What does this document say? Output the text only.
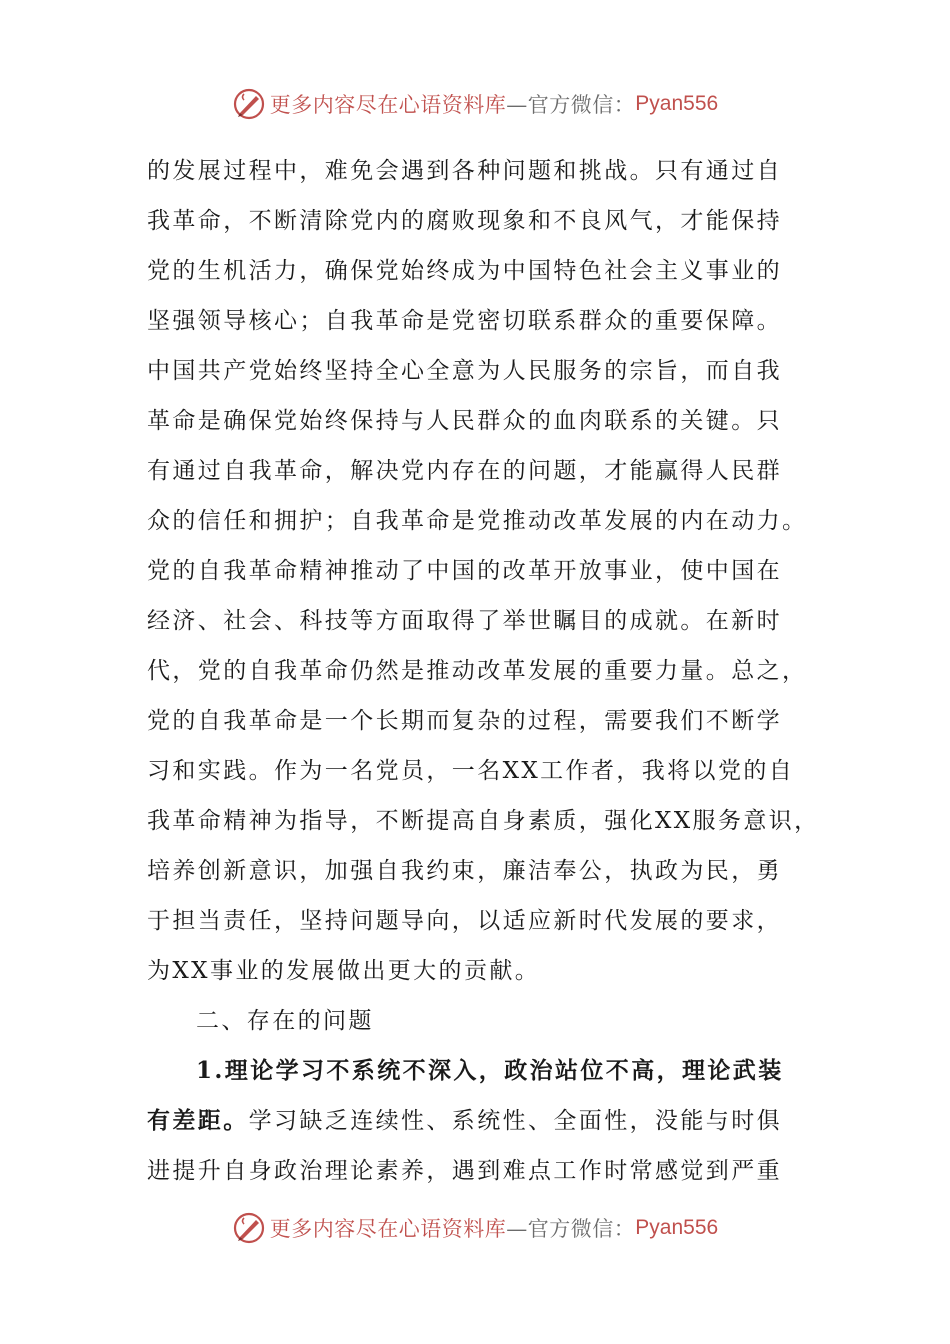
更多内容尽在心语资料库 —官方微信： Pyan556
的发展过程中，难免会遇到各种问题和挑战。只有通过自
我革命，不断清除党内的腐败现象和不良风气，才能保持
党的生机活力，确保党始终成为中国特色社会主义事业的
坚强领导核心；自我革命是党密切联系群众的重要保障。
中国共产党始终坚持全心全意为人民服务的宗旨，而自我
革命是确保党始终保持与人民群众的血肉联系的关键。只
有通过自我革命，解决党内存在的问题，才能赢得人民群
众的信任和拥护；自我革命是党推动改革发展的内在动力。
党的自我革命精神推动了中国的改革开放事业，使中国在
经济、社会、科技等方面取得了举世瞩目的成就。在新时
代，党的自我革命仍然是推动改革发展的重要力量。总之，
党的自我革命是一个长期而复杂的过程，需要我们不断学
习和实践。作为一名党员，一名XX工作者，我将以党的自
我革命精神为指导，不断提高自身素质，强化XX服务意识，
培养创新意识，加强自我约束，廉洁奉公，执政为民，勇
于担当责任，坚持问题导向，以适应新时代发展的要求，
为XX事业的发展做出更大的贡献。
二、存在的问题
1.理论学习不系统不深入，政治站位不高，理论武装
有差距。学习缺乏连续性、系统性、全面性，没能与时俱
进提升自身政治理论素养，遇到难点工作时常感觉到严重
更多内容尽在心语资料库 —官方微信： Pyan556
